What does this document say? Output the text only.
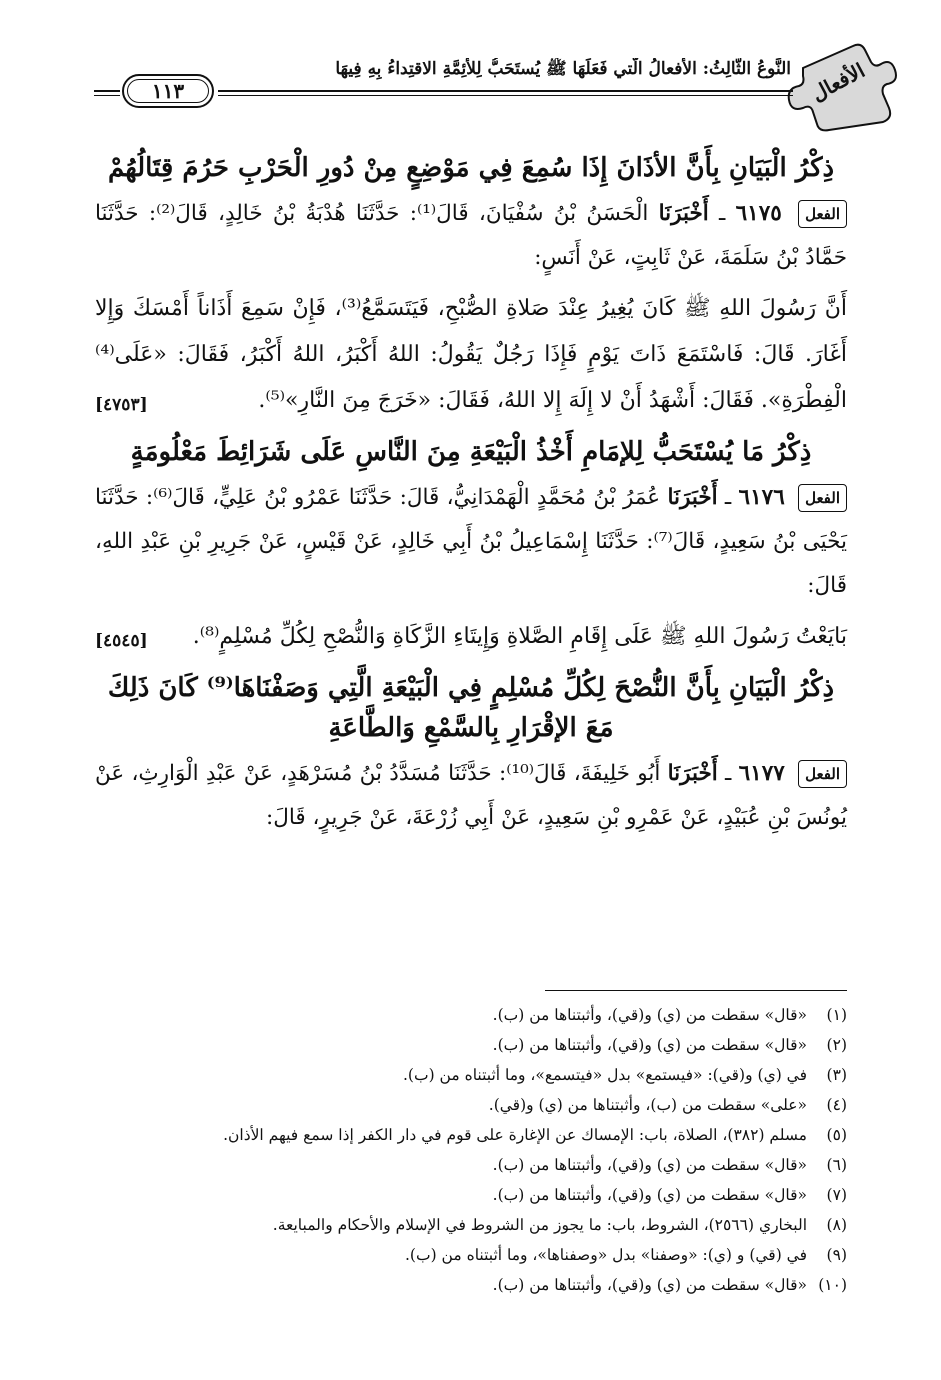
الأفعال
النَّوعُ الثَّالِثُ: الأفعالُ الَّتي فَعَلَهَا ﷺ يُستَحَبُّ لِلأئِمَّةِ الاقتِداءُ بِهِ فِيهَا
١١٣
ذِكْرُ الْبَيَانِ بِأَنَّ الأذَانَ إِذَا سُمِعَ فِي مَوْضِعٍ مِنْ دُورِ الْحَرْبِ حَرُمَ قِتَالُهُمْ

الفعل ٦١٧٥ ـ أَخْبَرَنَا الْحَسَنُ بْنُ سُفْيَانَ، قَالَ⁽¹⁾: حَدَّثَنَا هُدْبَةُ بْنُ خَالِدٍ، قَالَ⁽²⁾: حَدَّثَنَا حَمَّادُ بْنُ سَلَمَةَ، عَنْ ثَابِتٍ، عَنْ أَنَسٍ:

أَنَّ رَسُولَ اللهِ ﷺ كَانَ يُغِيرُ عِنْدَ صَلاةِ الصُّبْحِ، فَيَتَسَمَّعُ⁽³⁾، فَإِنْ سَمِعَ أَذَاناً أَمْسَكَ وَإِلا أَغَارَ. قَالَ: فَاسْتَمَعَ ذَاتَ يَوْمٍ فَإِذَا رَجُلٌ يَقُولُ: اللهُ أَكْبَرُ، اللهُ أَكْبَرُ، فَقَالَ: «عَلَى⁽⁴⁾ الْفِطْرَةِ». فَقَالَ: أَشْهَدُ أَنْ لا إِلَهَ إِلا اللهُ، فَقَالَ: «خَرَجَ مِنَ النَّارِ»⁽⁵⁾.
[٤٧٥٣]

ذِكْرُ مَا يُسْتَحَبُّ لِلإمَامِ أَخْذُ الْبَيْعَةِ مِنَ النَّاسِ عَلَى شَرَائِطَ مَعْلُومَةٍ

الفعل ٦١٧٦ ـ أَخْبَرَنَا عُمَرُ بْنُ مُحَمَّدٍ الْهَمْدَانِيُّ، قَالَ: حَدَّثَنَا عَمْرُو بْنُ عَلِيٍّ، قَالَ⁽⁶⁾: حَدَّثَنَا يَحْيَى بْنُ سَعِيدٍ، قَالَ⁽⁷⁾: حَدَّثَنَا إِسْمَاعِيلُ بْنُ أَبِي خَالِدٍ، عَنْ قَيْسٍ، عَنْ جَرِيرِ بْنِ عَبْدِ اللهِ، قَالَ:

بَايَعْتُ رَسُولَ اللهِ ﷺ عَلَى إِقَامِ الصَّلاةِ وَإِيتَاءِ الزَّكَاةِ وَالنُّصْحِ لِكُلِّ مُسْلِمٍ⁽⁸⁾.
[٤٥٤٥]

ذِكْرُ الْبَيَانِ بِأَنَّ النُّصْحَ لِكُلِّ مُسْلِمٍ فِي الْبَيْعَةِ الَّتِي وَصَفْنَاهَا⁽⁹⁾ كَانَ ذَلِكَ مَعَ الإقْرَارِ بِالسَّمْعِ وَالطَّاعَةِ

الفعل ٦١٧٧ ـ أَخْبَرَنَا أَبُو خَلِيفَةَ، قَالَ⁽¹⁰⁾: حَدَّثَنَا مُسَدَّدُ بْنُ مُسَرْهَدٍ، عَنْ عَبْدِ الْوَارِثِ، عَنْ يُونُسَ بْنِ عُبَيْدٍ، عَنْ عَمْرِو بْنِ سَعِيدٍ، عَنْ أَبِي زُرْعَةَ، عَنْ جَرِيرٍ، قَالَ:

(١)«قال» سقطت من (ي) و(قي)، وأثبتناها من (ب).
(٢)«قال» سقطت من (ي) و(قي)، وأثبتناها من (ب).
(٣)في (ي) و(قي): «فيستمع» بدل «فيتسمع»، وما أثبتناه من (ب).
(٤)«على» سقطت من (ب)، وأثبتناها من (ي) و(قي).
(٥)مسلم (٣٨٢)، الصلاة، باب: الإمساك عن الإغارة على قوم في دار الكفر إذا سمع فيهم الأذان.
(٦)«قال» سقطت من (ي) و(قي)، وأثبتناها من (ب).
(٧)«قال» سقطت من (ي) و(قي)، وأثبتناها من (ب).
(٨)البخاري (٢٥٦٦)، الشروط، باب: ما يجوز من الشروط في الإسلام والأحكام والمبايعة.
(٩)في (قي) و (ي): «وصفنا» بدل «وصفناها»، وما أثبتناه من (ب).
(١٠)«قال» سقطت من (ي) و(قي)، وأثبتناها من (ب).
